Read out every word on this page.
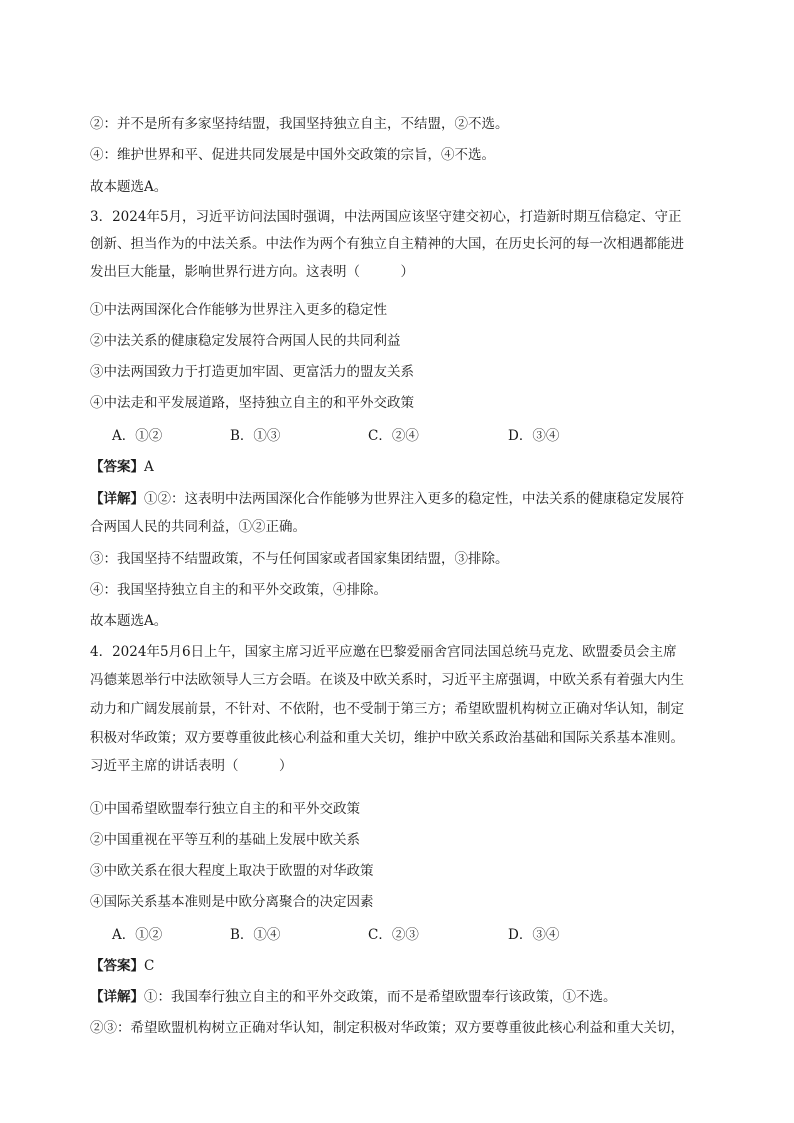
②：并不是所有多家坚持结盟，我国坚持独立自主，不结盟，②不选。
④：维护世界和平、促进共同发展是中国外交政策的宗旨，④不选。
故本题选A。
3．2024年5月，习近平访问法国时强调，中法两国应该坚守建交初心，打造新时期互信稳定、守正
创新、担当作为的中法关系。中法作为两个有独立自主精神的大国，在历史长河的每一次相遇都能进
发出巨大能量，影响世界行进方向。这表明（　　　）
①中法两国深化合作能够为世界注入更多的稳定性
②中法关系的健康稳定发展符合两国人民的共同利益
③中法两国致力于打造更加牢固、更富活力的盟友关系
④中法走和平发展道路，坚持独立自主的和平外交政策
A．①②	B．①③	C．②④	D．③④
【答案】A
【详解】①②：这表明中法两国深化合作能够为世界注入更多的稳定性，中法关系的健康稳定发展符
合两国人民的共同利益，①②正确。
③：我国坚持不结盟政策，不与任何国家或者国家集团结盟，③排除。
④：我国坚持独立自主的和平外交政策，④排除。
故本题选A。
4．2024年5月6日上午，国家主席习近平应邀在巴黎爱丽舍宫同法国总统马克龙、欧盟委员会主席
冯德莱恩举行中法欧领导人三方会晤。在谈及中欧关系时，习近平主席强调，中欧关系有着强大内生
动力和广阔发展前景，不针对、不依附，也不受制于第三方；希望欧盟机构树立正确对华认知，制定
积极对华政策；双方要尊重彼此核心利益和重大关切，维护中欧关系政治基础和国际关系基本准则。
习近平主席的讲话表明（　　　）
①中国希望欧盟奉行独立自主的和平外交政策
②中国重视在平等互利的基础上发展中欧关系
③中欧关系在很大程度上取决于欧盟的对华政策
④国际关系基本准则是中欧分离聚合的决定因素
A．①②	B．①④	C．②③	D．③④
【答案】C
【详解】①：我国奉行独立自主的和平外交政策，而不是希望欧盟奉行该政策，①不选。
②③：希望欧盟机构树立正确对华认知，制定积极对华政策；双方要尊重彼此核心利益和重大关切，
